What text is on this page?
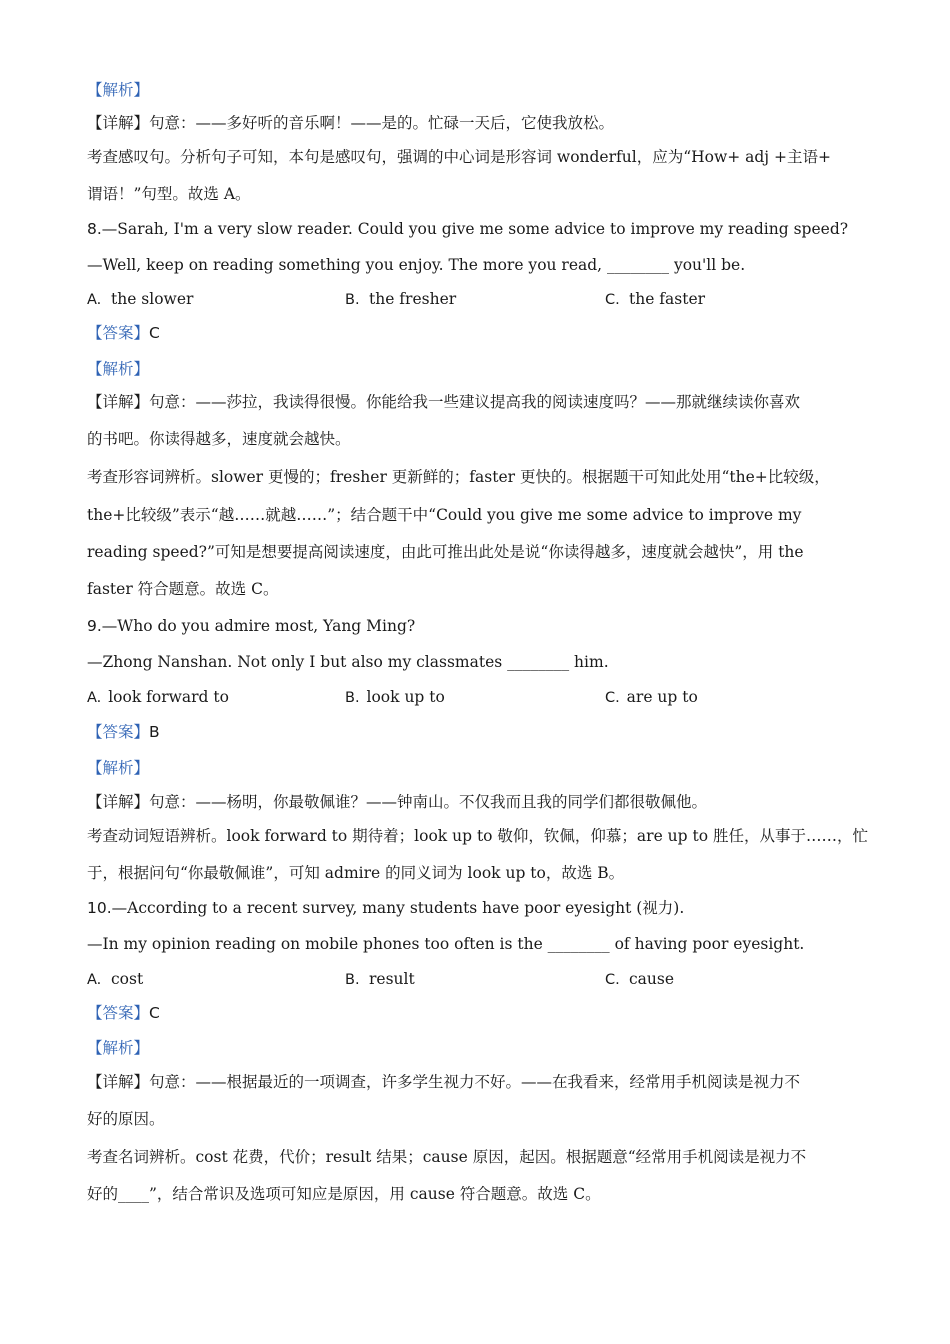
【解析】
【详解】句意：——多好听的音乐啊！——是的。忙碌一天后，它使我放松。
考查感叹句。分析句子可知，本句是感叹句，强调的中心词是形容词 wonderful，应为“How+ adj +主语+
谓语！”句型。故选 A。
8.—Sarah, I'm a very slow reader. Could you give me some advice to improve my reading speed?
—Well, keep on reading something you enjoy. The more you read, ________ you'll be.
A. the slower	B. the fresher	C. the faster
【答案】C
【解析】
【详解】句意：——莎拉，我读得很慢。你能给我一些建议提高我的阅读速度吗？——那就继续读你喜欢
的书吧。你读得越多，速度就会越快。
考查形容词辨析。slower 更慢的；fresher 更新鲜的；faster 更快的。根据题干可知此处用“the+比较级，
the+比较级”表示“越……就越……”；结合题干中“Could you give me some advice to improve my
reading speed?”可知是想要提高阅读速度，由此可推出此处是说“你读得越多，速度就会越快”，用 the
faster 符合题意。故选 C。
9.—Who do you admire most, Yang Ming?
—Zhong Nanshan. Not only I but also my classmates ________ him.
A. look forward to	B. look up to	C. are up to
【答案】B
【解析】
【详解】句意：——杨明，你最敬佩谁？——钟南山。不仅我而且我的同学们都很敬佩他。
考查动词短语辨析。look forward to 期待着；look up to 敬仰，钦佩，仰慕；are up to 胜任，从事于……，忙
于，根据问句“你最敬佩谁”，可知 admire 的同义词为 look up to，故选 B。
10.—According to a recent survey, many students have poor eyesight (视力).
—In my opinion reading on mobile phones too often is the ________ of having poor eyesight.
A. cost	B. result	C. cause
【答案】C
【解析】
【详解】句意：——根据最近的一项调查，许多学生视力不好。——在我看来，经常用手机阅读是视力不
好的原因。
考查名词辨析。cost 花费，代价；result 结果；cause 原因，起因。根据题意“经常用手机阅读是视力不
好的____”，结合常识及选项可知应是原因，用 cause 符合题意。故选 C。
